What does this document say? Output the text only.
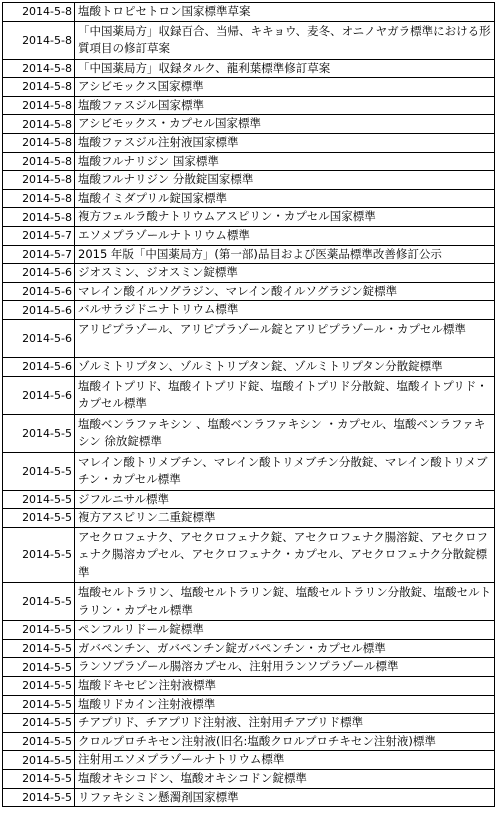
2014-5-8 塩酸トロピセトロン国家標準草案
2014-5-8
「中国薬局方」収録百合、当帰、キキョウ、麦冬、オニノヤガラ標準における形質項目の修訂草案
2014-5-8 「中国薬局方」収録タルク、龍利葉標準修訂草案
2014-5-8 アシビモックス国家標準
2014-5-8 塩酸ファスジル国家標準
2014-5-8 アシビモックス・カプセル国家標準
2014-5-8 塩酸ファスジル注射液国家標準
2014-5-8 塩酸フルナリジン 国家標準
2014-5-8 塩酸フルナリジン 分散錠国家標準
2014-5-8 塩酸イミダプリル錠国家標準
2014-5-8 複方フェルラ酸ナトリウムアスピリン・カプセル国家標準
2014-5-7 エソメプラゾールナトリウム標準
2014-5-7 2015 年版「中国薬局方」(第一部)品目および医薬品標準改善修訂公示
2014-5-6 ジオスミン、ジオスミン錠標準
2014-5-6 マレイン酸イルソグラジン、マレイン酸イルソグラジン錠標準
2014-5-6 バルサラジドニナトリウム標準
2014-5-6
アリピプラゾール、アリピプラゾール錠とアリピプラゾール・カプセル標準
2014-5-6 ゾルミトリプタン、ゾルミトリプタン錠、ゾルミトリプタン分散錠標準
2014-5-6
塩酸イトプリド、塩酸イトプリド錠、塩酸イトプリド分散錠、塩酸イトプリド・カプセル標準
2014-5-5
塩酸ベンラファキシン 、塩酸ベンラファキシン ・カプセル、塩酸ベンラファキシン 徐放錠標準
2014-5-5
マレイン酸トリメブチン、マレイン酸トリメブチン分散錠、マレイン酸トリメブチン・カプセル標準
2014-5-5 ジフルニサル標準
2014-5-5 複方アスピリン二重錠標準
2014-5-5
アセクロフェナク、アセクロフェナク錠、アセクロフェナク腸溶錠、アセクロフェナク腸溶カプセル、アセクロフェナク・カプセル、アセクロフェナク分散錠標準
2014-5-5
塩酸セルトラリン、塩酸セルトラリン錠、塩酸セルトラリン分散錠、塩酸セルトラリン・カプセル標準
2014-5-5 ペンフルリドール錠標準
2014-5-5 ガバペンチン、ガバペンチン錠ガバペンチン・カプセル標準
2014-5-5 ランソプラゾール腸溶カプセル、注射用ランソプラゾール標準
2014-5-5 塩酸ドキセピン注射液標準
2014-5-5 塩酸リドカイン注射液標準
2014-5-5 チアプリド、チアプリド注射液、注射用チアプリド標準
2014-5-5 クロルプロチキセン注射液(旧名:塩酸クロルプロチキセン注射液)標準
2014-5-5 注射用エソメプラゾールナトリウム標準
2014-5-5 塩酸オキシコドン、塩酸オキシコドン錠標準
2014-5-5 リファキシミン懸濁剤国家標準
